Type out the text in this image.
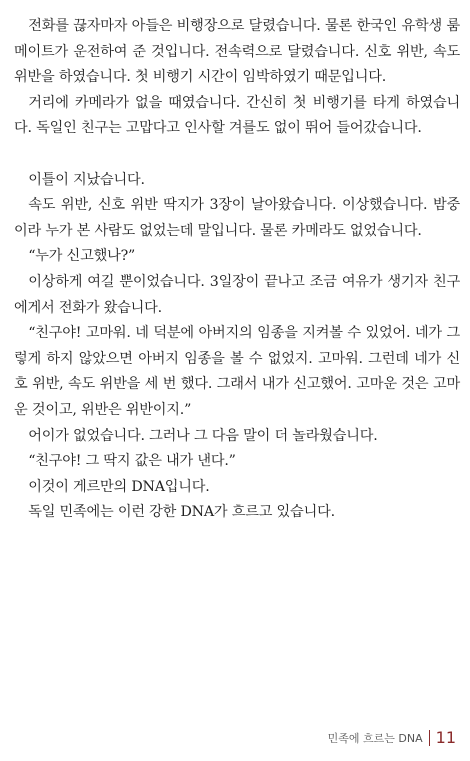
전화를 끊자마자 아들은 비행장으로 달렸습니다. 물론 한국인 유학생 룸메이트가 운전하여 준 것입니다. 전속력으로 달렸습니다. 신호 위반, 속도 위반을 하였습니다. 첫 비행기 시간이 임박하였기 때문입니다.

거리에 카메라가 없을 때였습니다. 간신히 첫 비행기를 타게 하였습니다. 독일인 친구는 고맙다고 인사할 겨를도 없이 뛰어 들어갔습니다.

이틀이 지났습니다.

속도 위반, 신호 위반 딱지가 3장이 날아왔습니다. 이상했습니다. 밤중이라 누가 본 사람도 없었는데 말입니다. 물론 카메라도 없었습니다.

“누가 신고했나?”

이상하게 여길 뿐이었습니다. 3일장이 끝나고 조금 여유가 생기자 친구에게서 전화가 왔습니다.

“친구야! 고마워. 네 덕분에 아버지의 임종을 지켜볼 수 있었어. 네가 그렇게 하지 않았으면 아버지 임종을 볼 수 없었지. 고마워. 그런데 네가 신호 위반, 속도 위반을 세 번 했다. 그래서 내가 신고했어. 고마운 것은 고마운 것이고, 위반은 위반이지.”

어이가 없었습니다. 그러나 그 다음 말이 더 놀라웠습니다.

“친구야! 그 딱지 값은 내가 낸다.”

이것이 게르만의 DNA입니다.

독일 민족에는 이런 강한 DNA가 흐르고 있습니다.

민족에 흐르는 DNA 11
